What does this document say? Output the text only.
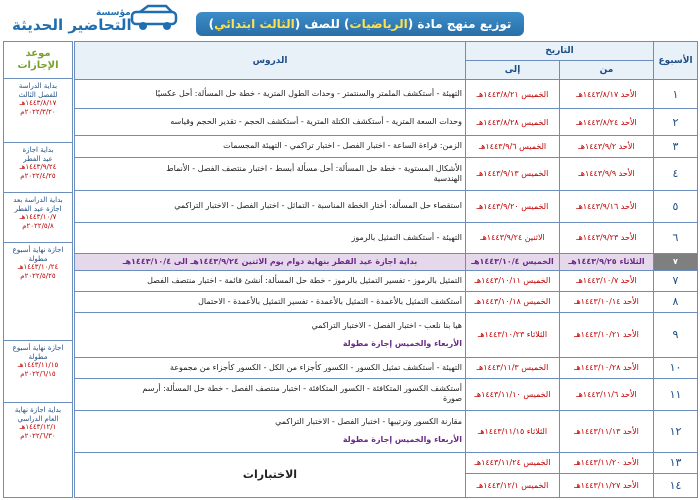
مؤسسة
التحاضير الحديثة	توزيع منهج مادة (
الرياضيات
) للصف (
الثالث ابتدائي
)
موعد
الإجازات
بداية الدراسة
للفصل الثالث
١٤٤٣/٨/١٧هـ
٢٠٢٢/٣/٢٠م
بداية اجازة
عيد الفطر
١٤٤٣/٩/٢٤هـ
٢٠٢٢/٤/٢٥م
بداية الدراسة بعد
اجازة عيد الفطر
١٤٤٣/١٠/٧هـ
٢٠٢٢/٥/٨م
اجازة نهاية أسبوع
مطولة
١٤٤٣/١٠/٢٤هـ
٢٠٢٢/٥/٢٥م
اجازة نهاية أسبوع
مطولة
١٤٤٣/١١/١٥هـ
٢٠٢٢/٦/١٥م
بداية اجازة نهاية
العام الدراسي
١٤٤٣/١٢/١هـ
٢٠٢٢/٦/٣٠م
الأسبوع	التاريخ		الدروس
	من	إلى	
١	الأحد ١٤٤٣/٨/١٧هـ	الخميس ١٤٤٣/٨/٢١هـ	التهيئة - أستكشف الملمتر والسنتمتر - وحدات الطول المترية - خطة حل المسألة: أحل عكسيًا

٢	الأحد ١٤٤٣/٨/٢٤هـ	الخميس ١٤٤٣/٨/٢٨هـ	وحدات السعة المترية - أستكشف الكتلة المترية - أستكشف الحجم - تقدير الحجم وقياسه

٣	الأحد ١٤٤٣/٩/٢هـ	الخميس ١٤٤٣/٩/٦هـ	الزمن: قراءة الساعة - اختبار الفصل - اختبار تراكمي - التهيئة المجسمات

٤	الأحد ١٤٤٣/٩/٩هـ	الخميس ١٤٤٣/٩/١٣هـ	الأشكال المستوية - خطة حل المسألة: أحل مسألة أبسط - اختبار منتصف الفصل - الأنماط
الهندسية

٥	الأحد ١٤٤٣/٩/١٦هـ	الخميس ١٤٤٣/٩/٢٠هـ	استقصاء حل المسألة: أختار الخطة المناسبة - التماثل - اختبار الفصل - الاختبار التراكمي

٦	الأحد ١٤٤٣/٩/٢٣هـ	الاثنين ١٤٤٣/٩/٢٤هـ	التهيئة - أستكشف التمثيل بالرموز

٧	الثلاثاء ١٤٤٣/٩/٢٥هـ	الخميس ١٤٤٣/١٠/٤هـ	بداية اجازة عيد الفطر بنهاية دوام يوم الاثنين ١٤٤٣/٩/٢٤هـ الى ١٤٤٣/١٠/٤هـ

٧	الأحد ١٤٤٣/١٠/٧هـ	الخميس ١٤٤٣/١٠/١١هـ	التمثيل بالرموز - تفسير التمثيل بالرموز - خطة حل المسألة: أنشئ قائمة - اختبار منتصف الفصل

٨	الأحد ١٤٤٣/١٠/١٤هـ	الخميس ١٤٤٣/١٠/١٨هـ	أستكشف التمثيل بالأعمدة - التمثيل بالأعمدة - تفسير التمثيل بالأعمدة - الاحتمال

٩	الأحد ١٤٤٣/١٠/٢١هـ	الثلاثاء ١٤٤٣/١٠/٢٣هـ	هيا بنا نلعب - اختبار الفصل - الاختبار التراكمي
الأربعاء والخميس إجازة مطولة

١٠	الأحد ١٤٤٣/١٠/٢٨هـ	الخميس ١٤٤٣/١١/٣هـ	التهيئة - أستكشف تمثيل الكسور - الكسور كأجزاء من الكل - الكسور كأجزاء من مجموعة

١١	الأحد ١٤٤٣/١١/٦هـ	الخميس ١٤٤٣/١١/١٠هـ	أستكشف الكسور المتكافئة - الكسور المتكافئة - اختبار منتصف الفصل - خطة حل المسألة: أرسم
صورة

١٢	الأحد ١٤٤٣/١١/١٣هـ	الثلاثاء ١٤٤٣/١١/١٥هـ	مقارنة الكسور وترتيبها - اختبار الفصل - الاختبار التراكمي
الأربعاء والخميس إجازة مطولة

١٣	الأحد ١٤٤٣/١١/٢٠هـ	الخميس ١٤٤٣/١١/٢٤هـ	الاختبارات
١٤	الأحد ١٤٤٣/١١/٢٧هـ	الخميس ١٤٤٣/١٢/١هـ	
